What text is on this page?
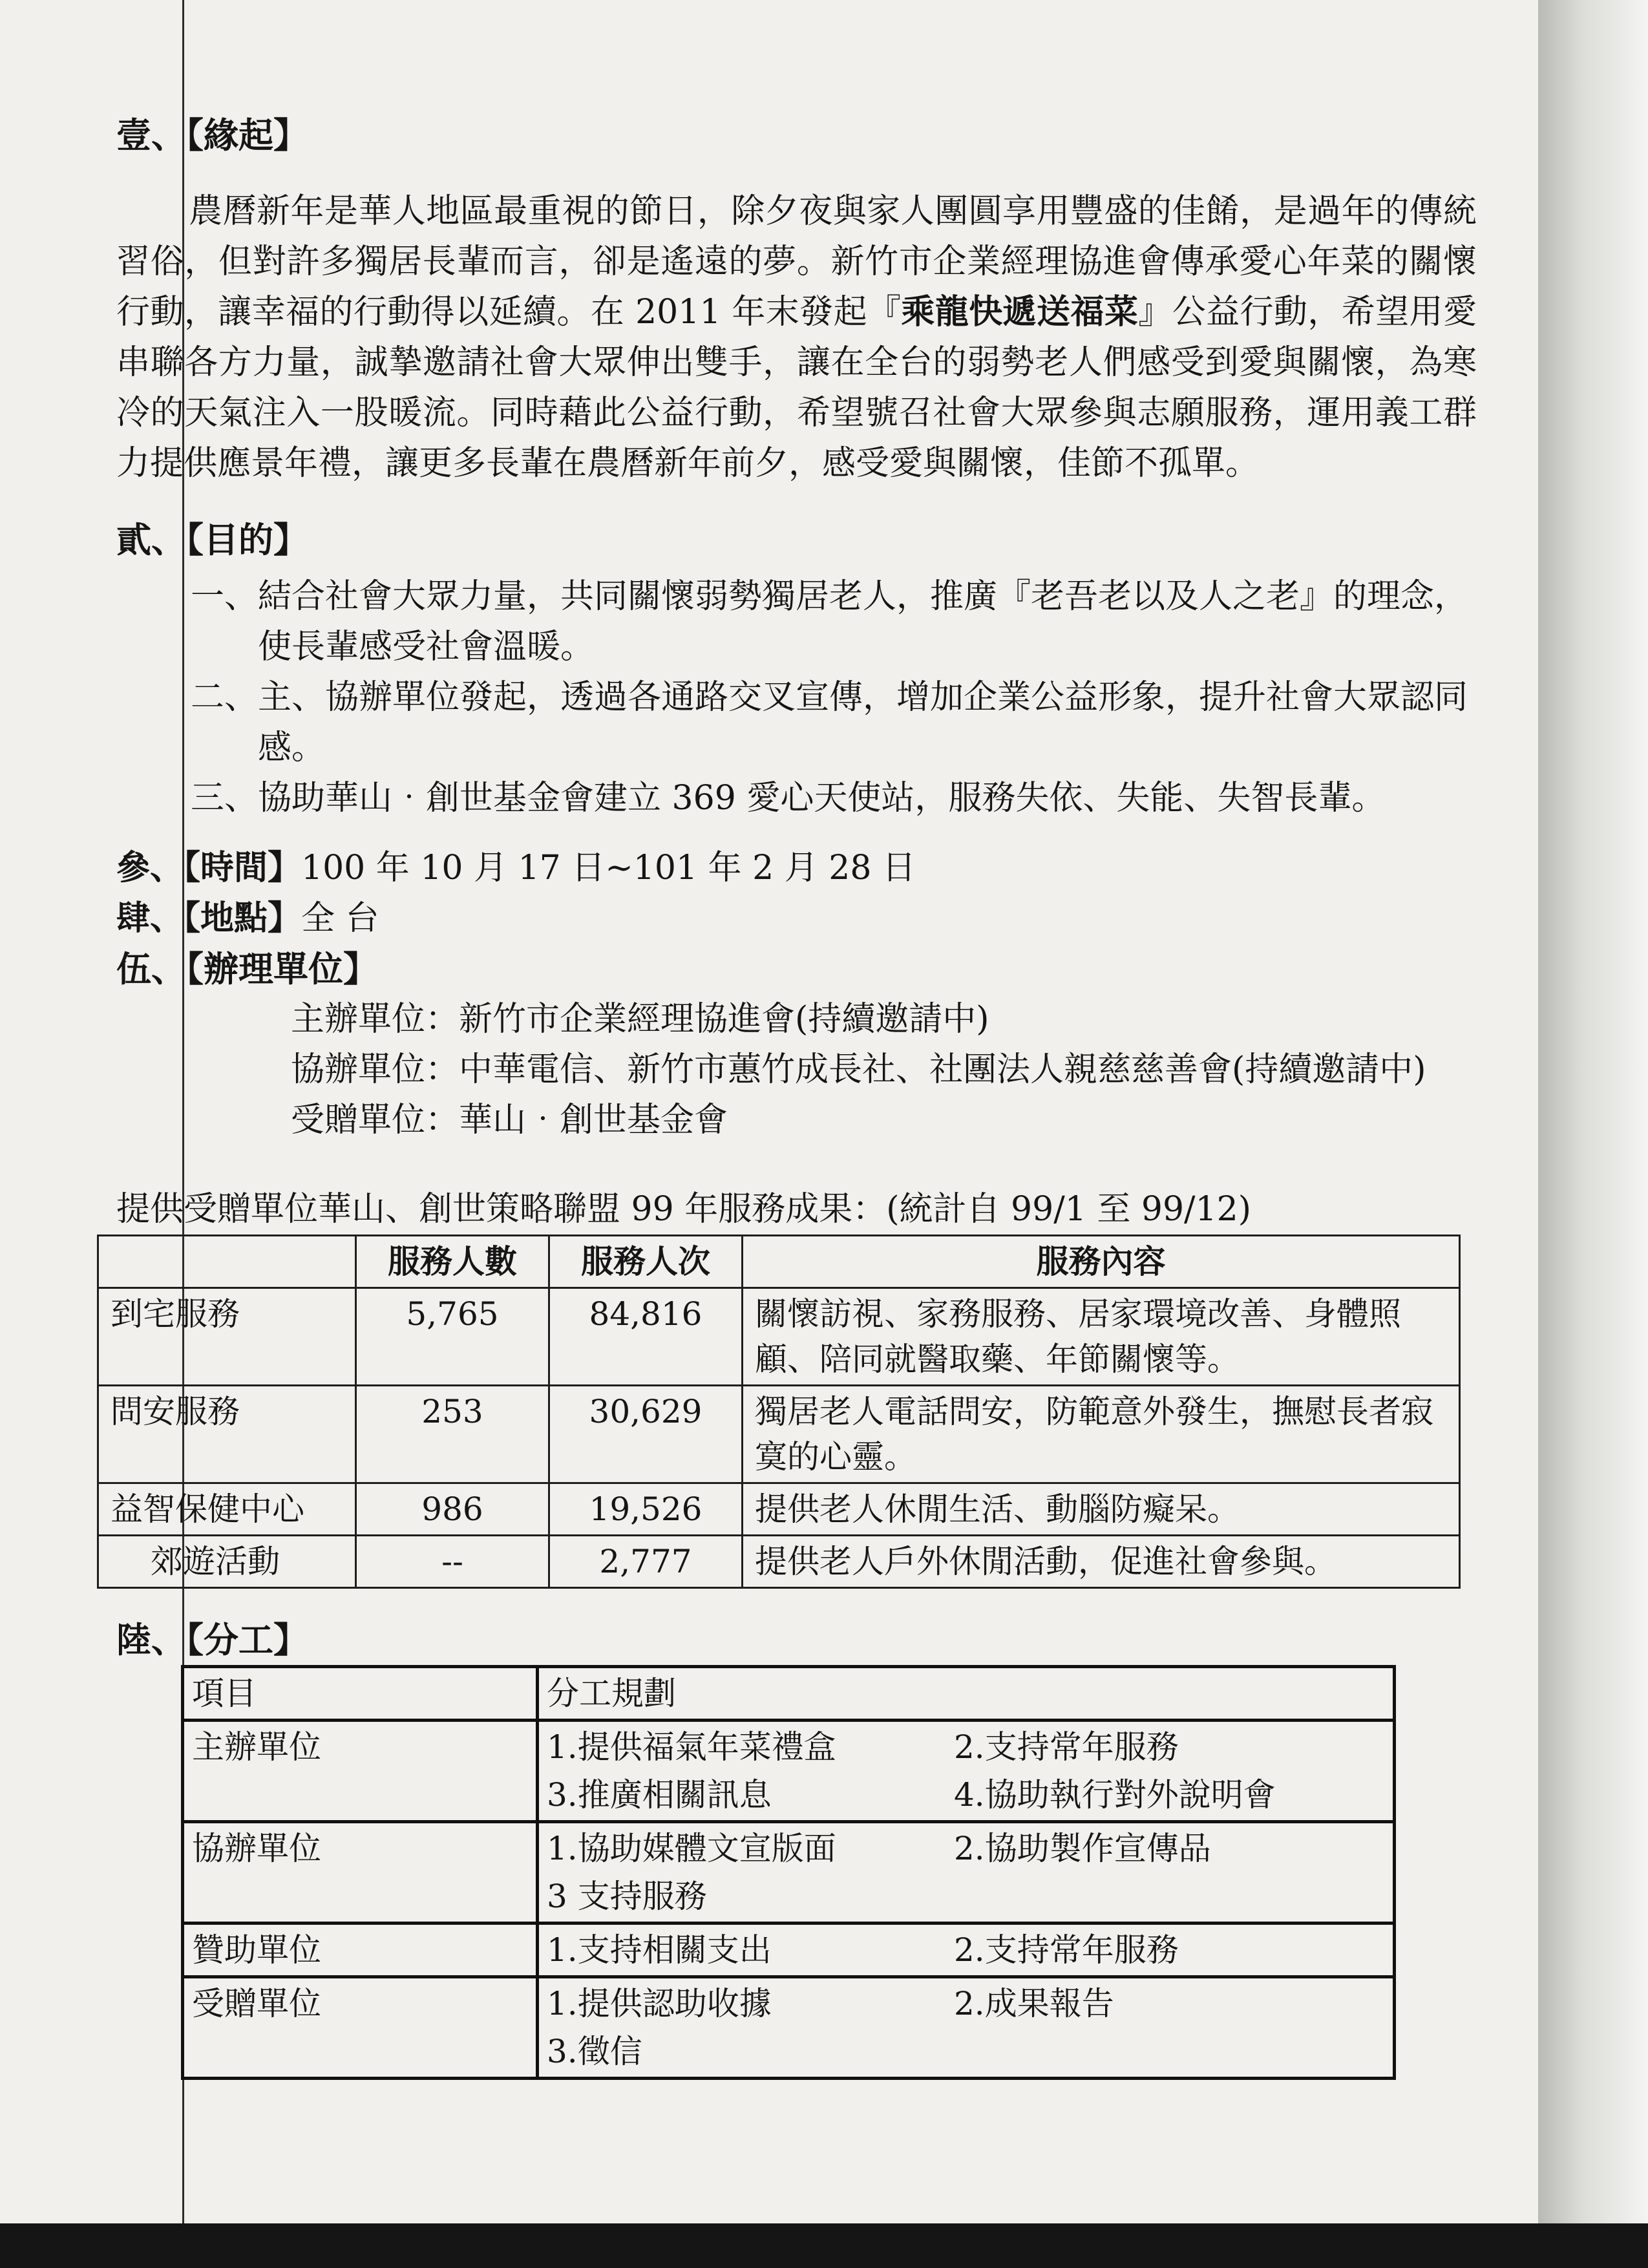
壹、【緣起】

農曆新年是華人地區最重視的節日，除夕夜與家人團圓享用豐盛的佳餚，是過年的傳統習俗，但對許多獨居長輩而言，卻是遙遠的夢。新竹市企業經理協進會傳承愛心年菜的關懷行動，讓幸福的行動得以延續。在 2011 年末發起『乘龍快遞送福菜』公益行動，希望用愛串聯各方力量，誠摯邀請社會大眾伸出雙手，讓在全台的弱勢老人們感受到愛與關懷，為寒冷的天氣注入一股暖流。同時藉此公益行動，希望號召社會大眾參與志願服務，運用義工群力提供應景年禮，讓更多長輩在農曆新年前夕，感受愛與關懷，佳節不孤單。

貳、【目的】

一、 結合社會大眾力量，共同關懷弱勢獨居老人，推廣『老吾老以及人之老』的理念，使長輩感受社會溫暖。

二、 主、協辦單位發起，透過各通路交叉宣傳，增加企業公益形象，提升社會大眾認同感。

三、 協助華山‧創世基金會建立 369 愛心天使站，服務失依、失能、失智長輩。

參、【時間】100 年 10 月 17 日~101 年 2 月 28 日

肆、【地點】全 台

伍、【辦理單位】

主辦單位： 新竹市企業經理協進會(持續邀請中)

協辦單位： 中華電信、新竹市蕙竹成長社、社團法人親慈慈善會(持續邀請中)

受贈單位： 華山‧創世基金會

提供受贈單位華山、創世策略聯盟 99 年服務成果：(統計自 99/1 至 99/12)

	服務人數	服務人次	服務內容
到宅服務	5,765	84,816	關懷訪視、家務服務、居家環境改善、身體照顧、陪同就醫取藥、年節關懷等。
問安服務	253	30,629	獨居老人電話問安，防範意外發生，撫慰長者寂寞的心靈。
益智保健中心	986	19,526	提供老人休閒生活、動腦防癡呆。
郊遊活動	--	2,777	提供老人戶外休閒活動，促進社會參與。

陸、【分工】

項目	分工規劃
主辦單位	1.提供福氣年菜禮盒 2.支持常年服務
3.推廣相關訊息 4.協助執行對外說明會

協辦單位	1.協助媒體文宣版面 2.協助製作宣傳品
3 支持服務

贊助單位	1.支持相關支出 2.支持常年服務

受贈單位	1.提供認助收據 2.成果報告
3.徵信
